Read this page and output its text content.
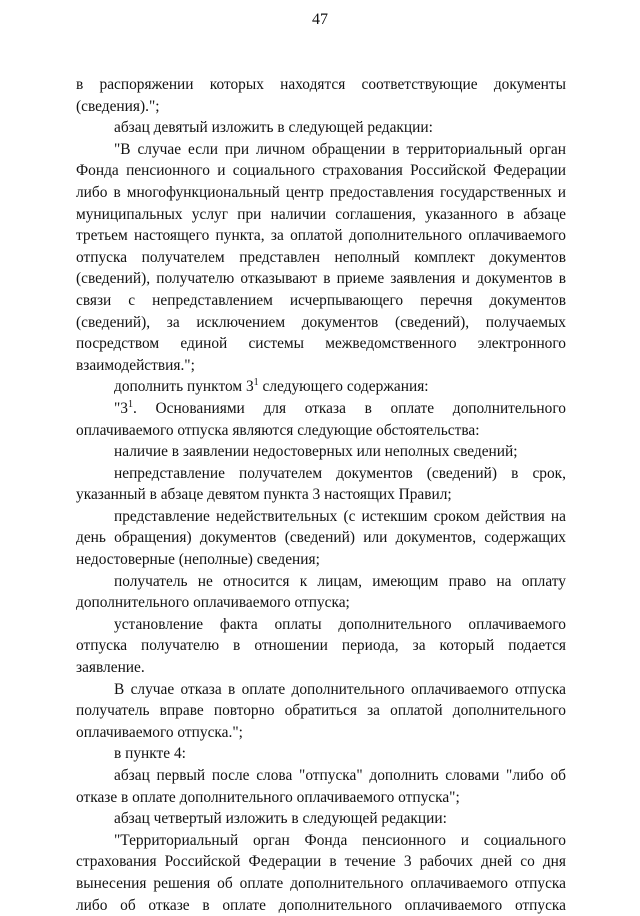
47

в распоряжении которых находятся соответствующие документы (сведения).";

абзац девятый изложить в следующей редакции:

"В случае если при личном обращении в территориальный орган Фонда пенсионного и социального страхования Российской Федерации либо в многофункциональный центр предоставления государственных и муниципальных услуг при наличии соглашения, указанного в абзаце третьем настоящего пункта, за оплатой дополнительного оплачиваемого отпуска получателем представлен неполный комплект документов (сведений), получателю отказывают в приеме заявления и документов в связи с непредставлением исчерпывающего перечня документов (сведений), за исключением документов (сведений), получаемых посредством единой системы межведомственного электронного взаимодействия.";

дополнить пунктом $3^1$ следующего содержания:

"$3^1$. Основаниями для отказа в оплате дополнительного оплачиваемого отпуска являются следующие обстоятельства:

наличие в заявлении недостоверных или неполных сведений;

непредставление получателем документов (сведений) в срок, указанный в абзаце девятом пункта 3 настоящих Правил;

представление недействительных (с истекшим сроком действия на день обращения) документов (сведений) или документов, содержащих недостоверные (неполные) сведения;

получатель не относится к лицам, имеющим право на оплату дополнительного оплачиваемого отпуска;

установление факта оплаты дополнительного оплачиваемого отпуска получателю в отношении периода, за который подается заявление.

В случае отказа в оплате дополнительного оплачиваемого отпуска получатель вправе повторно обратиться за оплатой дополнительного оплачиваемого отпуска.";

в пункте 4:

абзац первый после слова "отпуска" дополнить словами "либо об отказе в оплате дополнительного оплачиваемого отпуска";

абзац четвертый изложить в следующей редакции:

"Территориальный орган Фонда пенсионного и социального страхования Российской Федерации в течение 3 рабочих дней со дня вынесения решения об оплате дополнительного оплачиваемого отпуска либо об отказе в оплате дополнительного оплачиваемого отпуска
